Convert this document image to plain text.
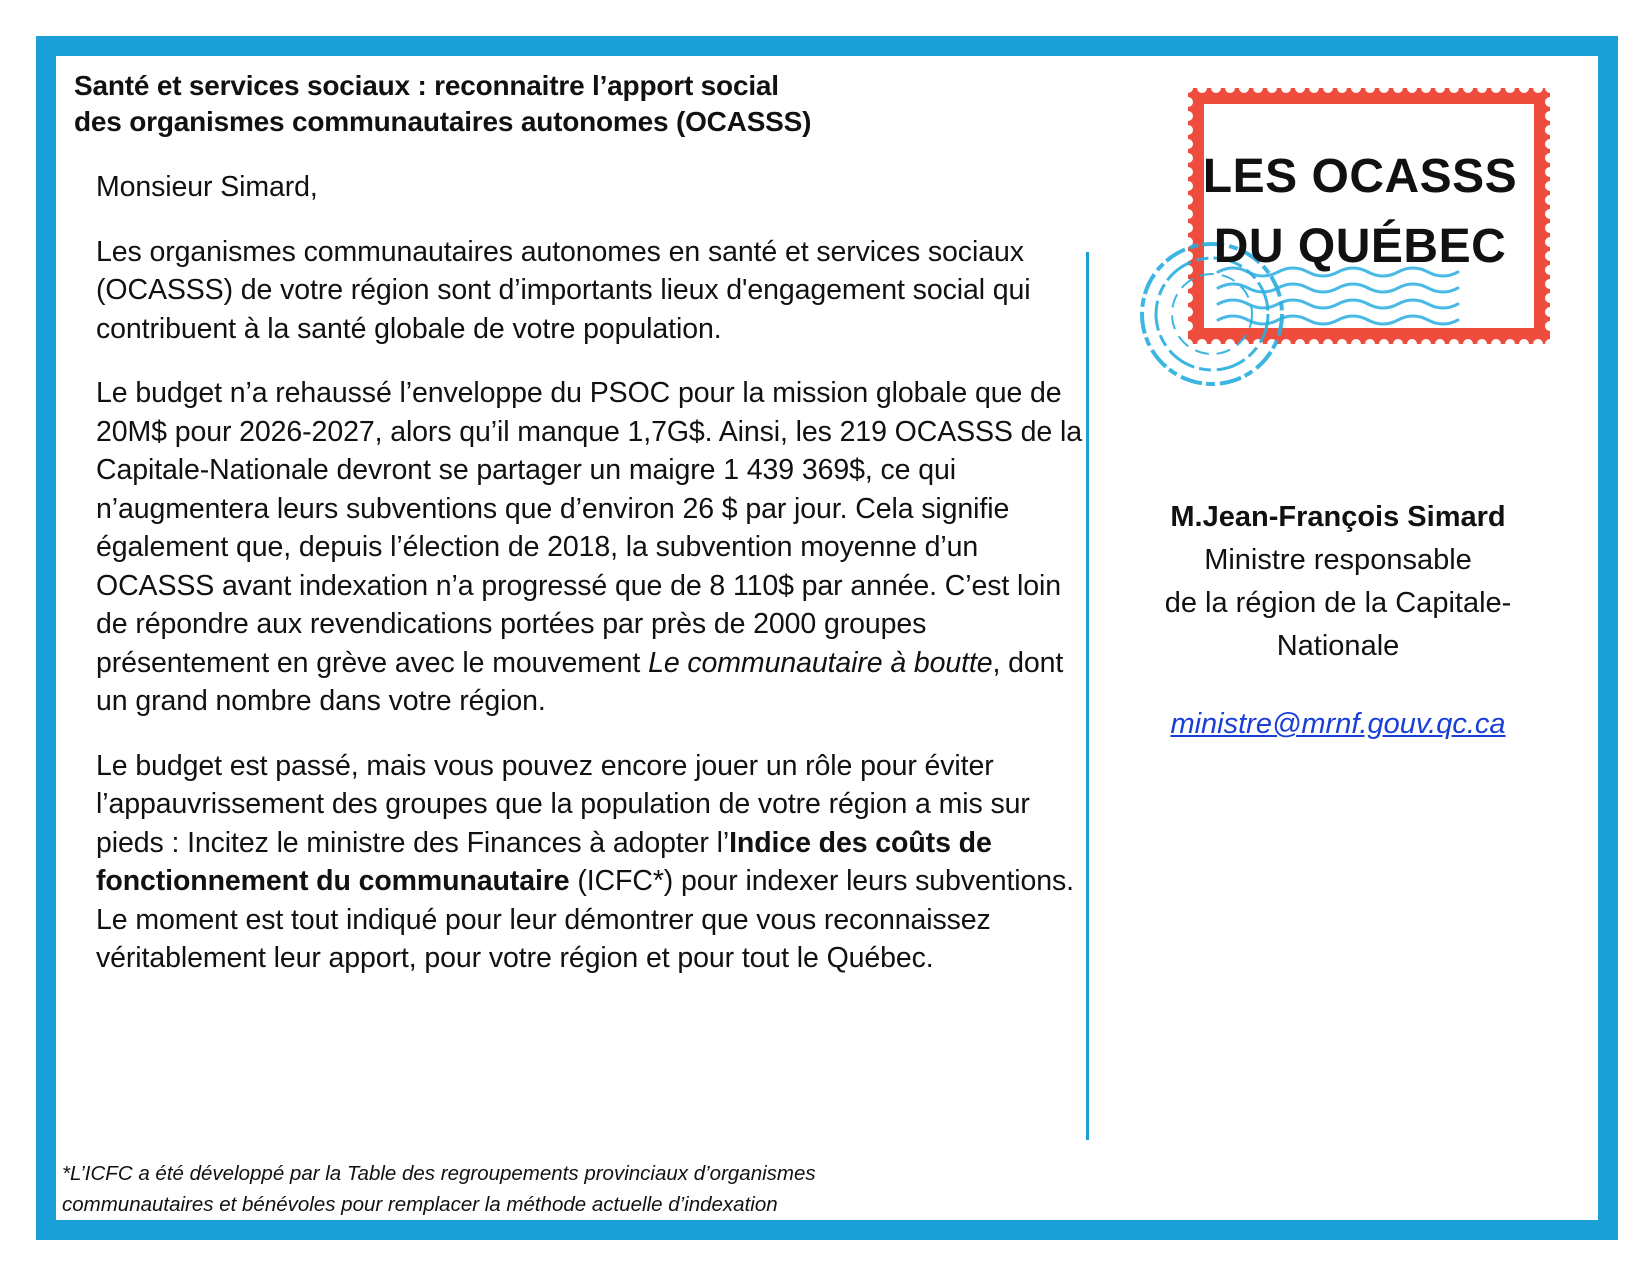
Santé et services sociaux : reconnaitre l’apport social
des organismes communautaires autonomes (OCASSS)

Monsieur Simard,

Les organismes communautaires autonomes en santé et services sociaux (OCASSS) de votre région sont d’importants lieux d'engagement social qui contribuent à la santé globale de votre population.

Le budget n’a rehaussé l’enveloppe du PSOC pour la mission globale que de 20M$ pour 2026-2027, alors qu’il manque 1,7G$. Ainsi, les 219 OCASSS de la Capitale-Nationale devront se partager un maigre 1 439 369$, ce qui n’augmentera leurs subventions que d’environ 26 $ par jour. Cela signifie également que, depuis l’élection de 2018, la subvention moyenne d’un OCASSS avant indexation n’a progressé que de 8 110$ par année. C’est loin de répondre aux revendications portées par près de 2000 groupes présentement en grève avec le mouvement Le communautaire à boutte, dont un grand nombre dans votre région.

Le budget est passé, mais vous pouvez encore jouer un rôle pour éviter l’appauvrissement des groupes que la population de votre région a mis sur pieds : Incitez le ministre des Finances à adopter l’Indice des coûts de fonctionnement du communautaire (ICFC*) pour indexer leurs subventions. Le moment est tout indiqué pour leur démontrer que vous reconnaissez véritablement leur apport, pour votre région et pour tout le Québec.

LES OCASSS
DU QUÉBEC
M.Jean-François Simard
Ministre responsable
de la région de la Capitale-
Nationale
ministre@mrnf.gouv.qc.ca
*L’ICFC a été développé par la Table des regroupements provinciaux d’organismes
communautaires et bénévoles pour remplacer la méthode actuelle d’indexation
